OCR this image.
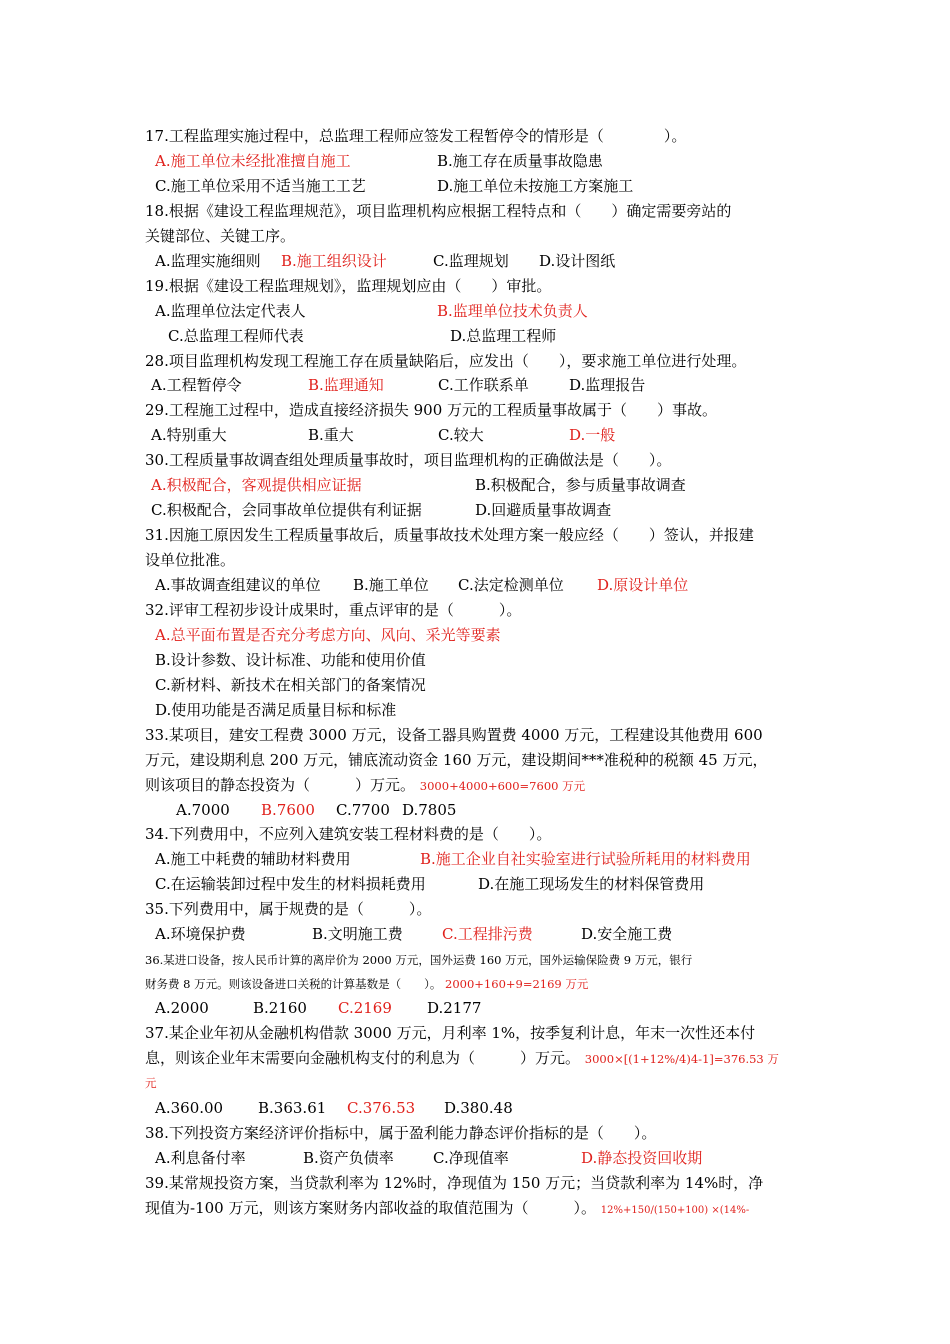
17.工程监理实施过程中，总监理工程师应签发工程暂停令的情形是（　　　　）。
A.施工单位未经批准擅自施工	B.施工存在质量事故隐患
C.施工单位采用不适当施工工艺	D.施工单位未按施工方案施工
18.根据《建设工程监理规范》，项目监理机构应根据工程特点和（　　）确定需要旁站的
关键部位、关键工序。
A.监理实施细则 B.施工组织设计	C.监理规划 D.设计图纸
19.根据《建设工程监理规划》，监理规划应由（　　）审批。
A.监理单位法定代表人	B.监理单位技术负责人
C.总监理工程师代表	D.总监理工程师
28.项目监理机构发现工程施工存在质量缺陷后，应发出（　　），要求施工单位进行处理。
A.工程暂停令	B.监理通知	C.工作联系单	D.监理报告
29.工程施工过程中，造成直接经济损失 900 万元的工程质量事故属于（　　）事故。
A.特别重大	B.重大	C.较大	D.一般
30.工程质量事故调查组处理质量事故时，项目监理机构的正确做法是（　　）。
A.积极配合，客观提供相应证据	B.积极配合，参与质量事故调查
C.积极配合，会同事故单位提供有利证据	D.回避质量事故调查
31.因施工原因发生工程质量事故后，质量事故技术处理方案一般应经（　　）签认，并报建
设单位批准。
A.事故调查组建议的单位 B.施工单位 C.法定检测单位 D.原设计单位
32.评审工程初步设计成果时，重点评审的是（　　　）。
A.总平面布置是否充分考虑方向、风向、采光等要素
B.设计参数、设计标准、功能和使用价值
C.新材料、新技术在相关部门的备案情况
D.使用功能是否满足质量目标和标准
33.某项目，建安工程费 3000 万元，设备工器具购置费 4000 万元，工程建设其他费用 600
万元，建设期利息 200 万元，铺底流动资金 160 万元，建设期间***准税种的税额 45 万元，
则该项目的静态投资为（　　　）万元。 3000+4000+600=7600 万元
A.7000 B.7600 C.7700 D.7805
34.下列费用中，不应列入建筑安装工程材料费的是（　　）。
A.施工中耗费的辅助材料费用	B.施工企业自社实验室进行试验所耗用的材料费用
C.在运输装卸过程中发生的材料损耗费用	D.在施工现场发生的材料保管费用
35.下列费用中，属于规费的是（　　　）。
A.环境保护费	B.文明施工费	C.工程排污费	D.安全施工费
36.某进口设备，按人民币计算的离岸价为 2000 万元，国外运费 160 万元，国外运输保险费 9 万元，银行
财务费 8 万元。则该设备进口关税的计算基数是（　　）。 2000+160+9=2169 万元
A.2000	B.2160 C.2169 D.2177
37.某企业年初从金融机构借款 3000 万元，月利率 1%，按季复利计息，年末一次性还本付
息，则该企业年末需要向金融机构支付的利息为（　　　）万元。 3000×[(1+12%/4)4-1]=376.53 万
元
A.360.00 B.363.61 C.376.53 D.380.48
38.下列投资方案经济评价指标中，属于盈利能力静态评价指标的是（　　）。
A.利息备付率	B.资产负债率	C.净现值率	D.静态投资回收期
39.某常规投资方案，当贷款利率为 12%时，净现值为 150 万元；当贷款利率为 14%时，净
现值为-100 万元，则该方案财务内部收益的取值范围为（　　　）。 12%+150/(150+100) ×(14%-
